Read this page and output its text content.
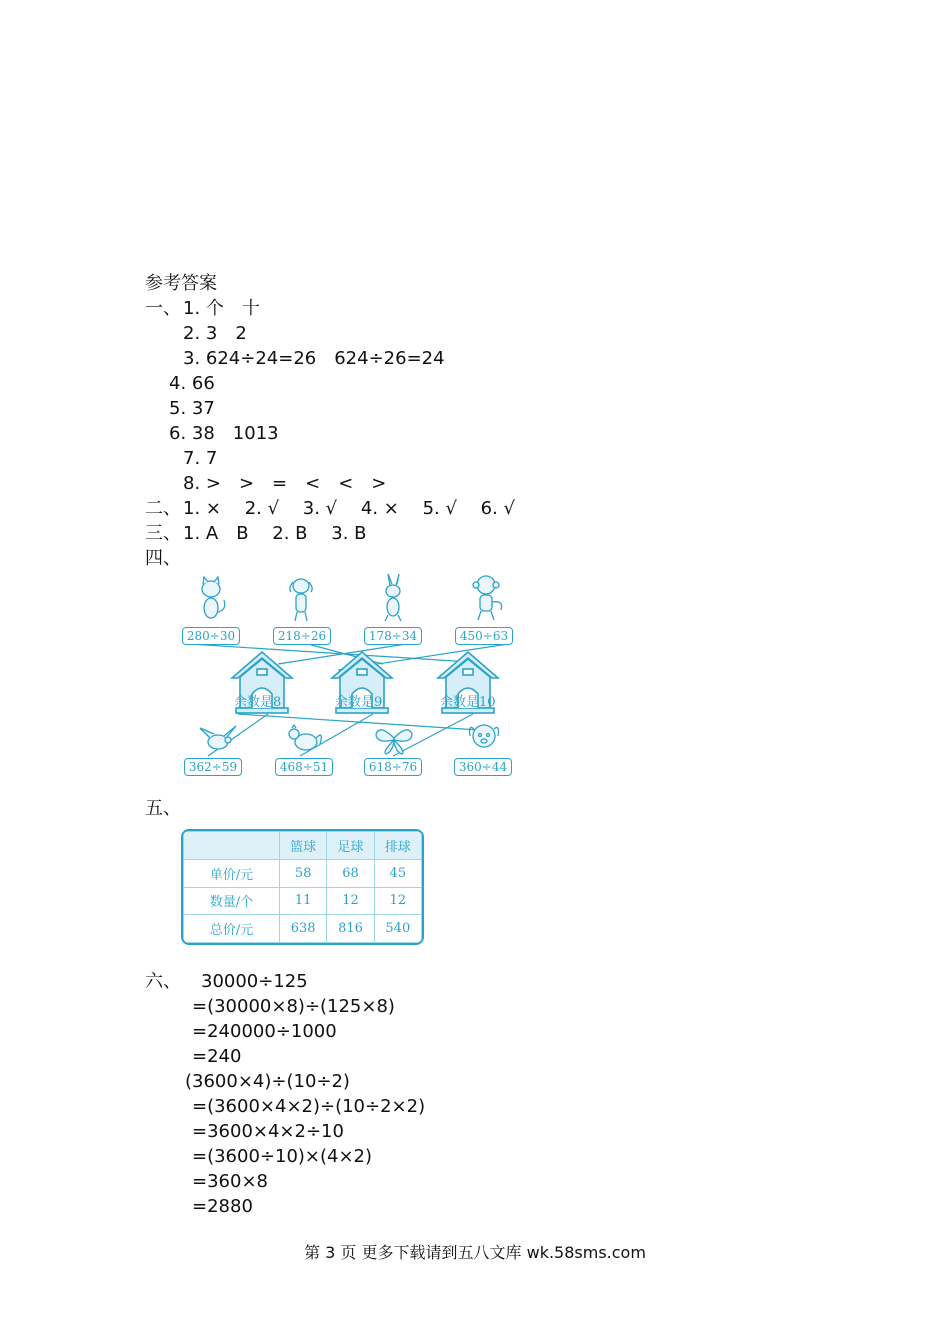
参考答案
一、 1. 个　十
2. 3　2
3. 624÷24=26　624÷26=24
4. 66
5. 37
6. 38　1013
7. 7
8. >　>　=　<　<　>
二、 1. ×　 2. √　 3. √　 4. ×　 5. √　 6. √
三、 1. A　B　 2. B　 3. B
四、
280÷30	218÷26	178÷34	450÷63
余数是8	余数是9	余数是10
362÷59	468÷51	618÷76	360÷44
五、
	篮球	足球	排球
单价/元	58	68	45
数量/个	11	12	12
总价/元	638	816	540
六、 30000÷125
=(30000×8)÷(125×8)
=240000÷1000
=240
(3600×4)÷(10÷2)
=(3600×4×2)÷(10÷2×2)
=3600×4×2÷10
=(3600÷10)×(4×2)
=360×8
=2880
第 3 页 更多下载请到五八文库 wk.58sms.com
